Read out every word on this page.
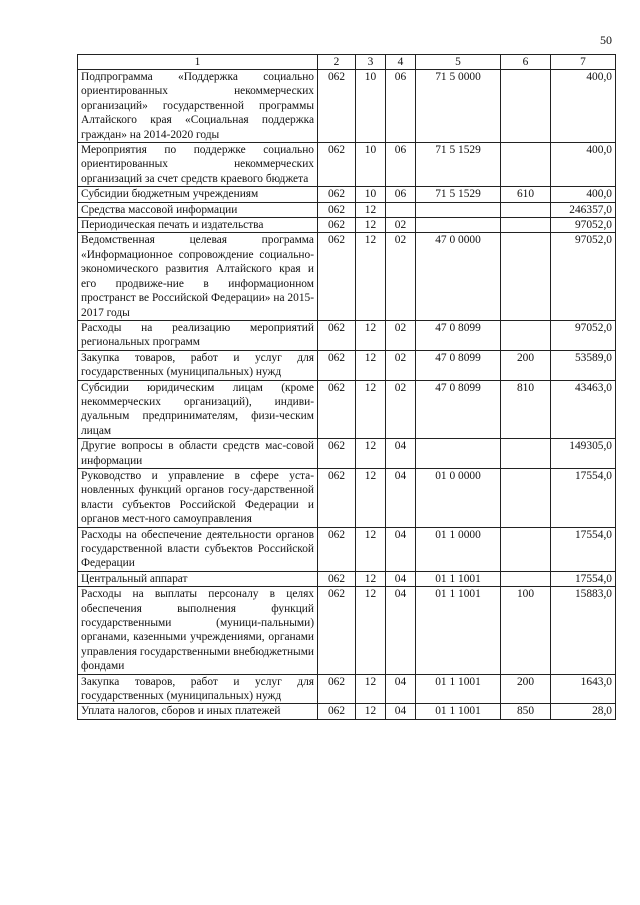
50
1	2	3	4	5	6	7
Подпрограмма «Поддержка социально ориентированных некоммерческих организаций» государственной программы Алтайского края «Социальная поддержка граждан» на 2014-2020 годы	062	10	06	71 5 0000		400,0
Мероприятия по поддержке социально ориентированных некоммерческих организаций за счет средств краевого бюджета	062	10	06	71 5 1529		400,0
Субсидии бюджетным учреждениям	062	10	06	71 5 1529	610	400,0
Средства массовой информации	062	12				246357,0
Периодическая печать и издательства	062	12	02			97052,0
Ведомственная целевая программа «Информационное сопровождение социально-экономического развития Алтайского края и его продвиже-ние в информационном пространст ве Российской Федерации» на 2015-2017 годы	062	12	02	47 0 0000		97052,0
Расходы на реализацию мероприятий региональных программ	062	12	02	47 0 8099		97052,0
Закупка товаров, работ и услуг для государственных (муниципальных) нужд	062	12	02	47 0 8099	200	53589,0
Субсидии юридическим лицам (кроме некоммерческих организаций), индиви-дуальным предпринимателям, физи-ческим лицам	062	12	02	47 0 8099	810	43463,0
Другие вопросы в области средств мас-совой информации	062	12	04			149305,0
Руководство и управление в сфере уста-новленных функций органов госу-дарственной власти субъектов Российской Федерации и органов мест-ного самоуправления	062	12	04	01 0 0000		17554,0
Расходы на обеспечение деятельности органов государственной власти субъектов Российской Федерации	062	12	04	01 1 0000		17554,0
Центральный аппарат	062	12	04	01 1 1001		17554,0
Расходы на выплаты персоналу в целях обеспечения выполнения функций государственными (муници-пальными) органами, казенными учреждениями, органами управления государственными внебюджетными фондами	062	12	04	01 1 1001	100	15883,0
Закупка товаров, работ и услуг для государственных (муниципальных) нужд	062	12	04	01 1 1001	200	1643,0
Уплата налогов, сборов и иных платежей	062	12	04	01 1 1001	850	28,0
